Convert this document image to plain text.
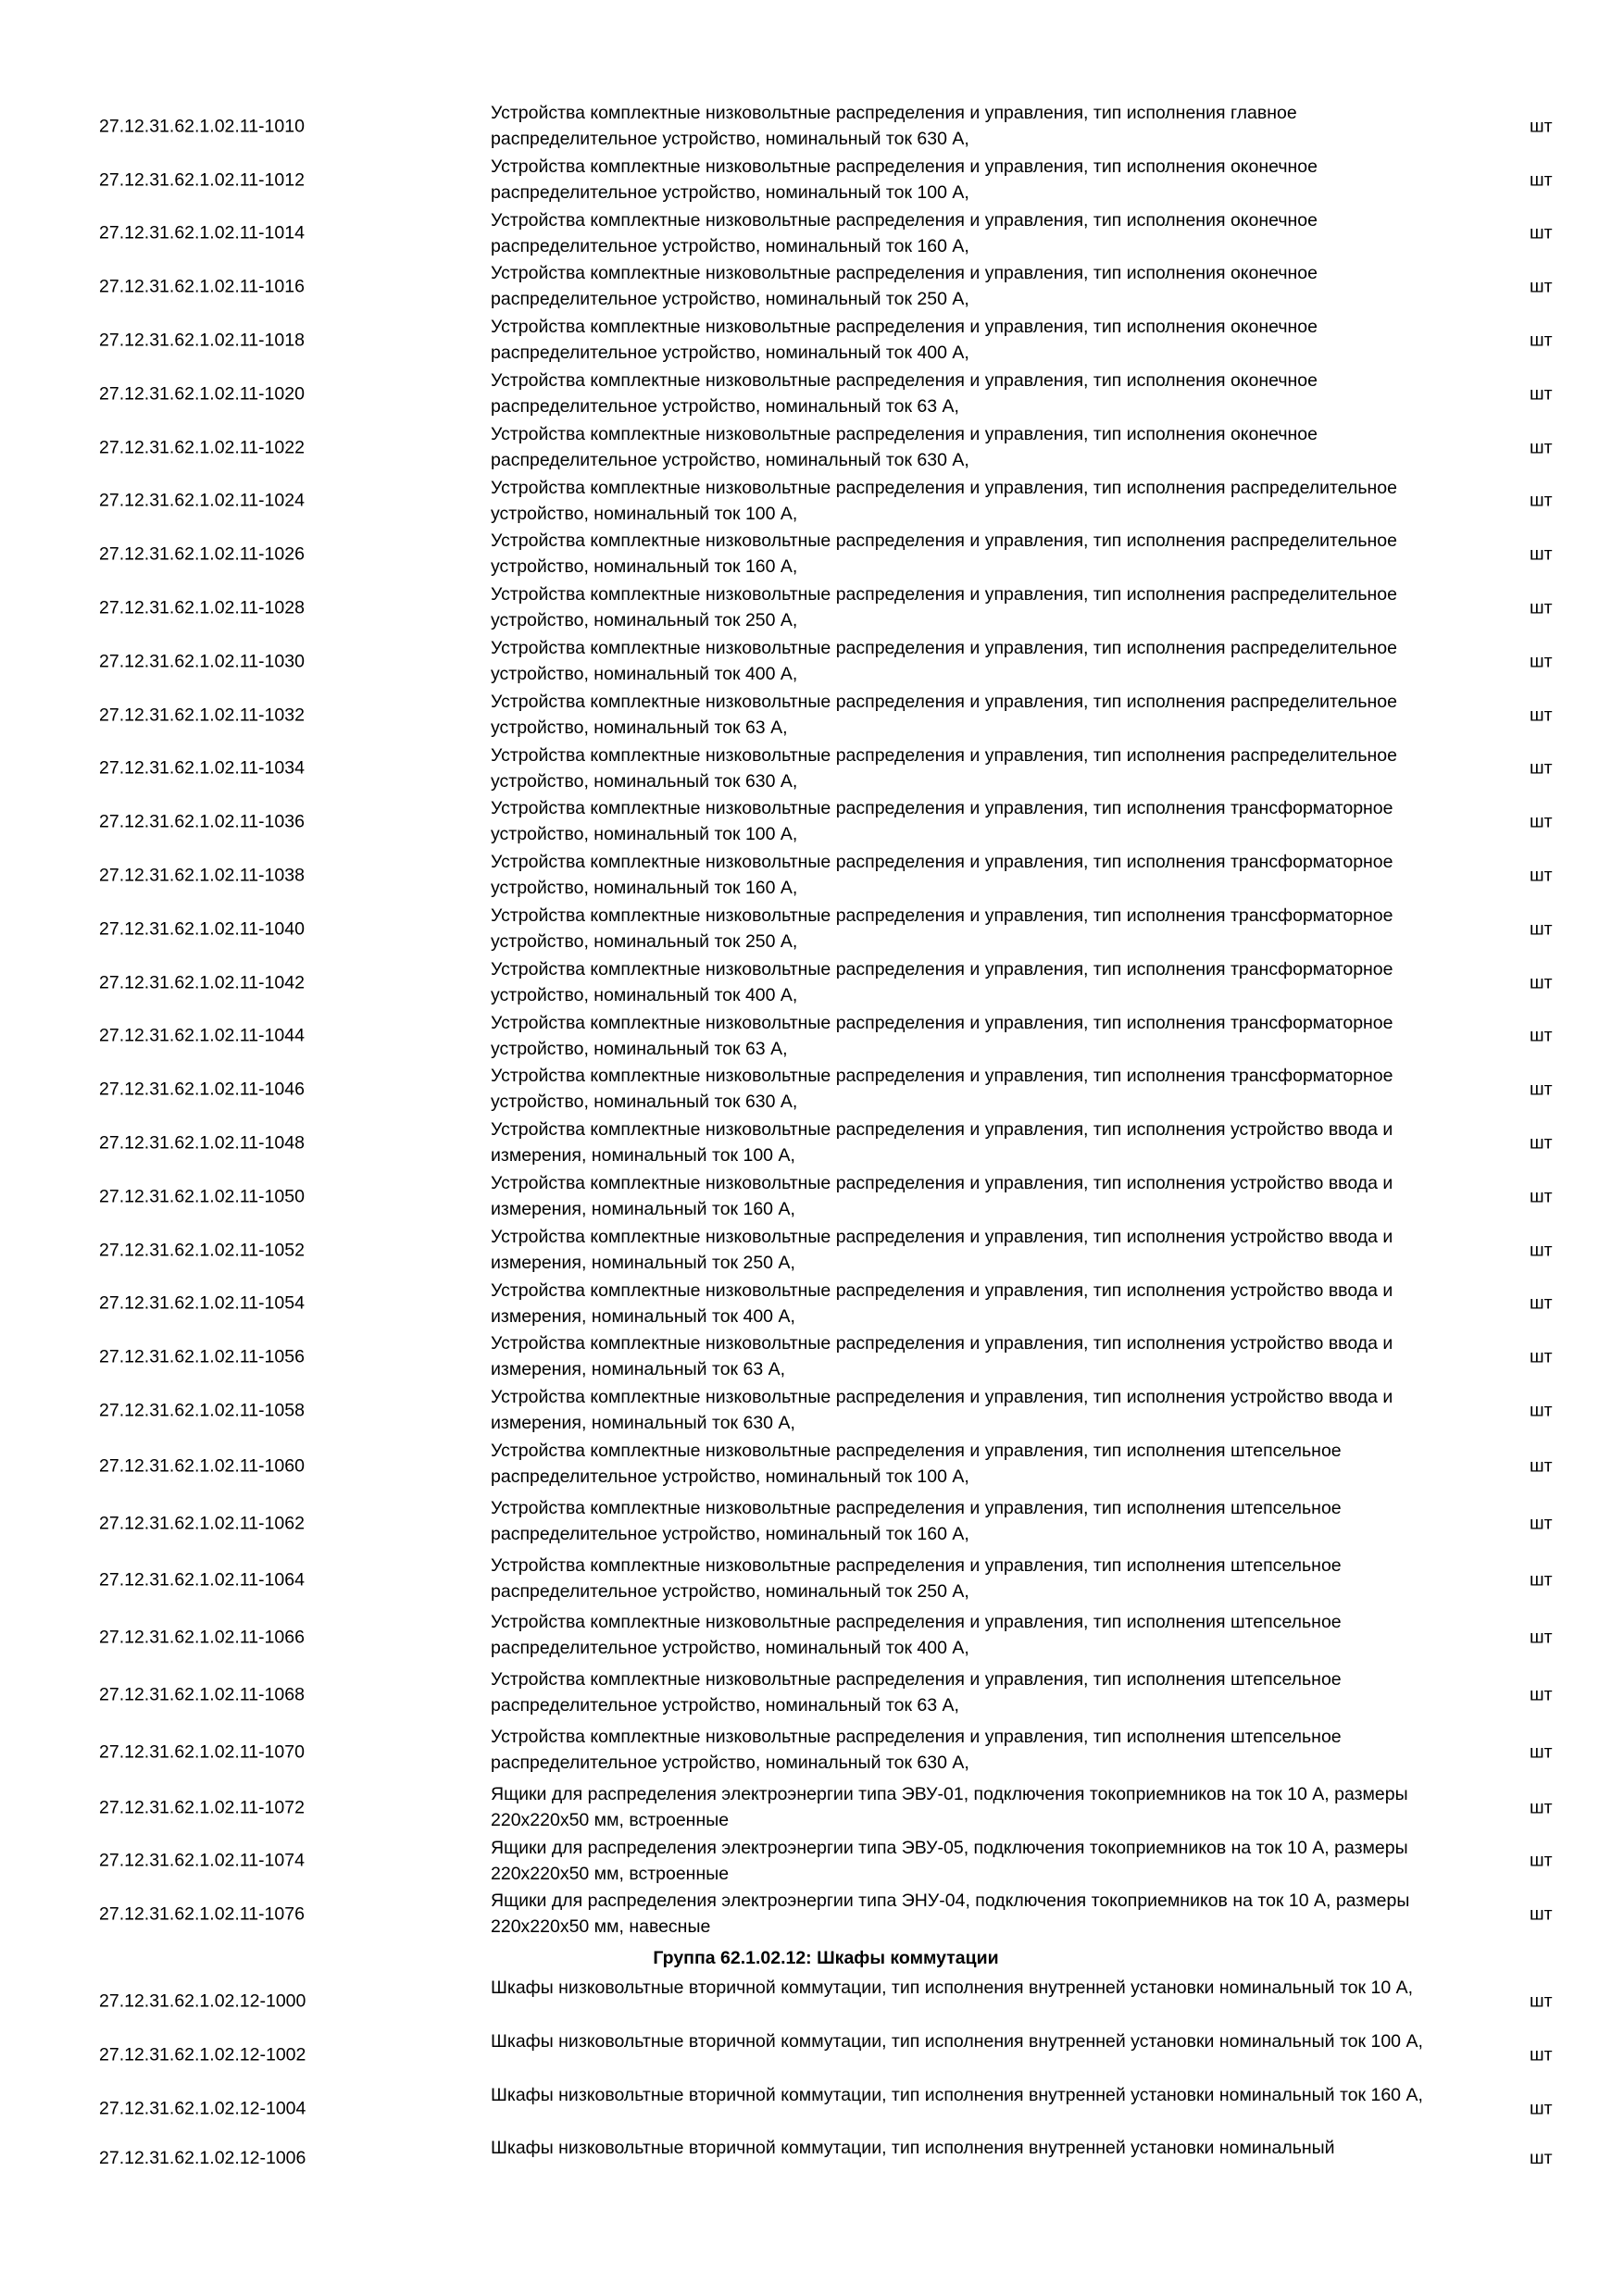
27.12.31.62.1.02.11-1010
Устройства комплектные низковольтные распределения и управления, тип исполнения главное распределительное устройство, номинальный ток 630 А,
шт
27.12.31.62.1.02.11-1012
Устройства комплектные низковольтные распределения и управления, тип исполнения оконечное распределительное устройство, номинальный ток 100 А,
шт
27.12.31.62.1.02.11-1014
Устройства комплектные низковольтные распределения и управления, тип исполнения оконечное распределительное устройство, номинальный ток 160 А,
шт
27.12.31.62.1.02.11-1016
Устройства комплектные низковольтные распределения и управления, тип исполнения оконечное распределительное устройство, номинальный ток 250 А,
шт
27.12.31.62.1.02.11-1018
Устройства комплектные низковольтные распределения и управления, тип исполнения оконечное распределительное устройство, номинальный ток 400 А,
шт
27.12.31.62.1.02.11-1020
Устройства комплектные низковольтные распределения и управления, тип исполнения оконечное распределительное устройство, номинальный ток 63 А,
шт
27.12.31.62.1.02.11-1022
Устройства комплектные низковольтные распределения и управления, тип исполнения оконечное распределительное устройство, номинальный ток 630 А,
шт
27.12.31.62.1.02.11-1024
Устройства комплектные низковольтные распределения и управления, тип исполнения распределительное устройство, номинальный ток 100 А,
шт
27.12.31.62.1.02.11-1026
Устройства комплектные низковольтные распределения и управления, тип исполнения распределительное устройство, номинальный ток 160 А,
шт
27.12.31.62.1.02.11-1028
Устройства комплектные низковольтные распределения и управления, тип исполнения распределительное устройство, номинальный ток 250 А,
шт
27.12.31.62.1.02.11-1030
Устройства комплектные низковольтные распределения и управления, тип исполнения распределительное устройство, номинальный ток 400 А,
шт
27.12.31.62.1.02.11-1032
Устройства комплектные низковольтные распределения и управления, тип исполнения распределительное устройство, номинальный ток 63 А,
шт
27.12.31.62.1.02.11-1034
Устройства комплектные низковольтные распределения и управления, тип исполнения распределительное устройство, номинальный ток 630 А,
шт
27.12.31.62.1.02.11-1036
Устройства комплектные низковольтные распределения и управления, тип исполнения трансформаторное устройство, номинальный ток 100 А,
шт
27.12.31.62.1.02.11-1038
Устройства комплектные низковольтные распределения и управления, тип исполнения трансформаторное устройство, номинальный ток 160 А,
шт
27.12.31.62.1.02.11-1040
Устройства комплектные низковольтные распределения и управления, тип исполнения трансформаторное устройство, номинальный ток 250 А,
шт
27.12.31.62.1.02.11-1042
Устройства комплектные низковольтные распределения и управления, тип исполнения трансформаторное устройство, номинальный ток 400 А,
шт
27.12.31.62.1.02.11-1044
Устройства комплектные низковольтные распределения и управления, тип исполнения трансформаторное устройство, номинальный ток 63 А,
шт
27.12.31.62.1.02.11-1046
Устройства комплектные низковольтные распределения и управления, тип исполнения трансформаторное устройство, номинальный ток 630 А,
шт
27.12.31.62.1.02.11-1048
Устройства комплектные низковольтные распределения и управления, тип исполнения устройство ввода и измерения, номинальный ток 100 А,
шт
27.12.31.62.1.02.11-1050
Устройства комплектные низковольтные распределения и управления, тип исполнения устройство ввода и измерения, номинальный ток 160 А,
шт
27.12.31.62.1.02.11-1052
Устройства комплектные низковольтные распределения и управления, тип исполнения устройство ввода и измерения, номинальный ток 250 А,
шт
27.12.31.62.1.02.11-1054
Устройства комплектные низковольтные распределения и управления, тип исполнения устройство ввода и измерения, номинальный ток 400 А,
шт
27.12.31.62.1.02.11-1056
Устройства комплектные низковольтные распределения и управления, тип исполнения устройство ввода и измерения, номинальный ток 63 А,
шт
27.12.31.62.1.02.11-1058
Устройства комплектные низковольтные распределения и управления, тип исполнения устройство ввода и измерения, номинальный ток 630 А,
шт
27.12.31.62.1.02.11-1060
Устройства комплектные низковольтные распределения и управления, тип исполнения штепсельное распределительное устройство, номинальный ток 100 А,
шт
27.12.31.62.1.02.11-1062
Устройства комплектные низковольтные распределения и управления, тип исполнения штепсельное распределительное устройство, номинальный ток 160 А,
шт
27.12.31.62.1.02.11-1064
Устройства комплектные низковольтные распределения и управления, тип исполнения штепсельное распределительное устройство, номинальный ток 250 А,
шт
27.12.31.62.1.02.11-1066
Устройства комплектные низковольтные распределения и управления, тип исполнения штепсельное распределительное устройство, номинальный ток 400 А,
шт
27.12.31.62.1.02.11-1068
Устройства комплектные низковольтные распределения и управления, тип исполнения штепсельное распределительное устройство, номинальный ток 63 А,
шт
27.12.31.62.1.02.11-1070
Устройства комплектные низковольтные распределения и управления, тип исполнения штепсельное распределительное устройство, номинальный ток 630 А,
шт
27.12.31.62.1.02.11-1072
Ящики для распределения электроэнергии типа ЭВУ-01, подключения токоприемников на ток 10 А, размеры 220х220х50 мм, встроенные
шт
27.12.31.62.1.02.11-1074
Ящики для распределения электроэнергии типа ЭВУ-05, подключения токоприемников на ток 10 А, размеры 220х220х50 мм, встроенные
шт
27.12.31.62.1.02.11-1076
Ящики для распределения электроэнергии типа ЭНУ-04, подключения токоприемников на ток 10 А, размеры 220х220х50 мм, навесные
шт
Группа 62.1.02.12: Шкафы коммутации
27.12.31.62.1.02.12-1000
Шкафы низковольтные вторичной коммутации, тип исполнения внутренней установки номинальный ток 10 А,
шт
27.12.31.62.1.02.12-1002
Шкафы низковольтные вторичной коммутации, тип исполнения внутренней установки номинальный ток 100 А,
шт
27.12.31.62.1.02.12-1004
Шкафы низковольтные вторичной коммутации, тип исполнения внутренней установки номинальный ток 160 А,
шт
27.12.31.62.1.02.12-1006	Шкафы низковольтные вторичной коммутации, тип исполнения внутренней установки номинальный	шт
